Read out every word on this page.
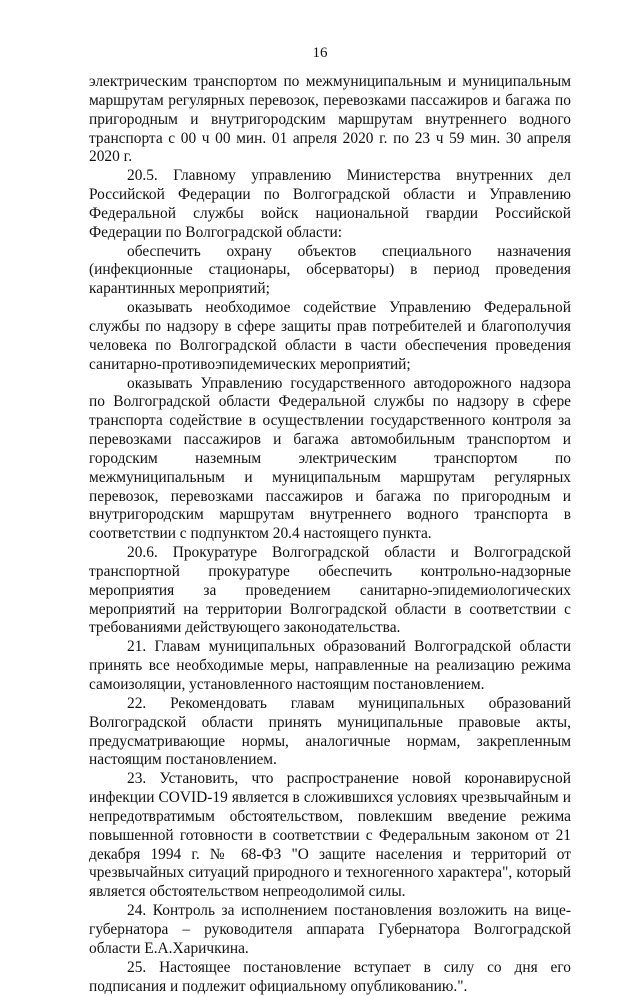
16

электрическим транспортом по межмуниципальным и муниципальным маршрутам регулярных перевозок, перевозками пассажиров и багажа по пригородным и внутригородским маршрутам внутреннего водного транспорта с 00 ч 00 мин. 01 апреля 2020 г. по 23 ч 59 мин. 30 апреля 2020 г.

20.5. Главному управлению Министерства внутренних дел Российской Федерации по Волгоградской области и Управлению Федеральной службы войск национальной гвардии Российской Федерации по Волгоградской области:

обеспечить охрану объектов специального назначения (инфекционные стационары, обсерваторы) в период проведения карантинных мероприятий;

оказывать необходимое содействие Управлению Федеральной службы по надзору в сфере защиты прав потребителей и благополучия человека по Волгоградской области в части обеспечения проведения санитарно-противоэпидемических мероприятий;

оказывать Управлению государственного автодорожного надзора по Волгоградской области Федеральной службы по надзору в сфере транспорта содействие в осуществлении государственного контроля за перевозками пассажиров и багажа автомобильным транспортом и городским наземным электрическим транспортом по межмуниципальным и муниципальным маршрутам регулярных перевозок, перевозками пассажиров и багажа по пригородным и внутригородским маршрутам внутреннего водного транспорта в соответствии с подпунктом 20.4 настоящего пункта.

20.6. Прокуратуре Волгоградской области и Волгоградской транспортной прокуратуре обеспечить контрольно-надзорные мероприятия за проведением санитарно-эпидемиологических мероприятий на территории Волгоградской области в соответствии с требованиями действующего законодательства.

21. Главам муниципальных образований Волгоградской области принять все необходимые меры, направленные на реализацию режима самоизоляции, установленного настоящим постановлением.

22. Рекомендовать главам муниципальных образований Волгоградской области принять муниципальные правовые акты, предусматривающие нормы, аналогичные нормам, закрепленным настоящим постановлением.

23. Установить, что распространение новой коронавирусной инфекции COVID-19 является в сложившихся условиях чрезвычайным и непредотвратимым обстоятельством, повлекшим введение режима повышенной готовности в соответствии с Федеральным законом от 21 декабря 1994 г. № 68-ФЗ "О защите населения и территорий от чрезвычайных ситуаций природного и техногенного характера", который является обстоятельством непреодолимой силы.

24. Контроль за исполнением постановления возложить на вице-губернатора – руководителя аппарата Губернатора Волгоградской области Е.А.Харичкина.

25. Настоящее постановление вступает в силу со дня его подписания и подлежит официальному опубликованию.".
